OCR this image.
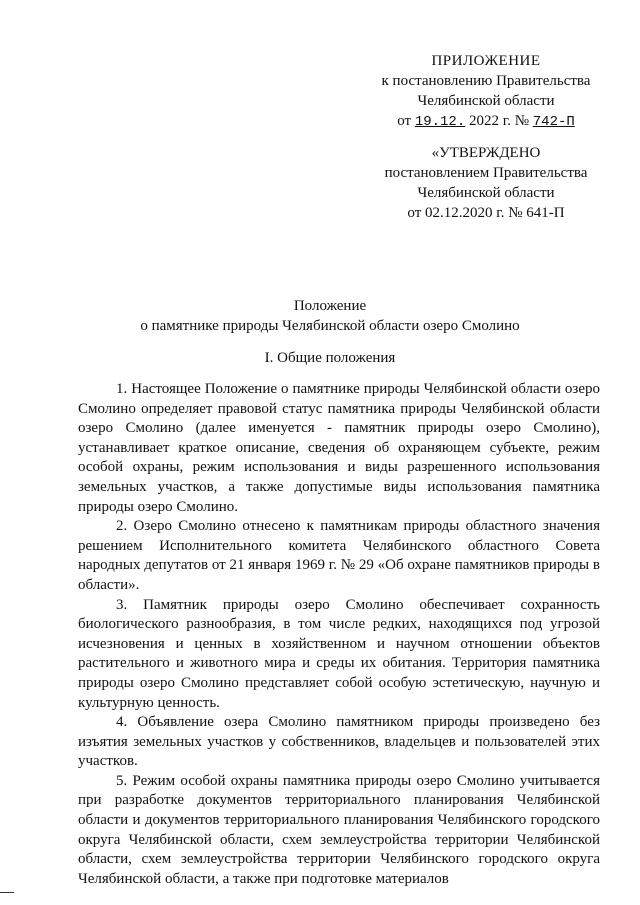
ПРИЛОЖЕНИЕ
к постановлению Правительства
Челябинской области
от 19.12. 2022 г. № 742-П
«УТВЕРЖДЕНО
постановлением Правительства
Челябинской области
от 02.12.2020 г. № 641-П
Положение
о памятнике природы Челябинской области озеро Смолино
I. Общие положения

1. Настоящее Положение о памятнике природы Челябинской области озеро Смолино определяет правовой статус памятника природы Челябинской области озеро Смолино (далее именуется - памятник природы озеро Смолино), устанавливает краткое описание, сведения об охраняющем субъекте, режим особой охраны, режим использования и виды разрешенного использования земельных участков, а также допустимые виды использования памятника природы озеро Смолино.

2. Озеро Смолино отнесено к памятникам природы областного значения решением Исполнительного комитета Челябинского областного Совета народных депутатов от 21 января 1969 г. № 29 «Об охране памятников природы в области».

3. Памятник природы озеро Смолино обеспечивает сохранность биологического разнообразия, в том числе редких, находящихся под угрозой исчезновения и ценных в хозяйственном и научном отношении объектов растительного и животного мира и среды их обитания. Территория памятника природы озеро Смолино представляет собой особую эстетическую, научную и культурную ценность.

4. Объявление озера Смолино памятником природы произведено без изъятия земельных участков у собственников, владельцев и пользователей этих участков.

5. Режим особой охраны памятника природы озеро Смолино учитывается при разработке документов территориального планирования Челябинской области и документов территориального планирования Челябинского городского округа Челябинской области, схем землеустройства территории Челябинской области, схем землеустройства территории Челябинского городского округа Челябинской области, а также при подготовке материалов
